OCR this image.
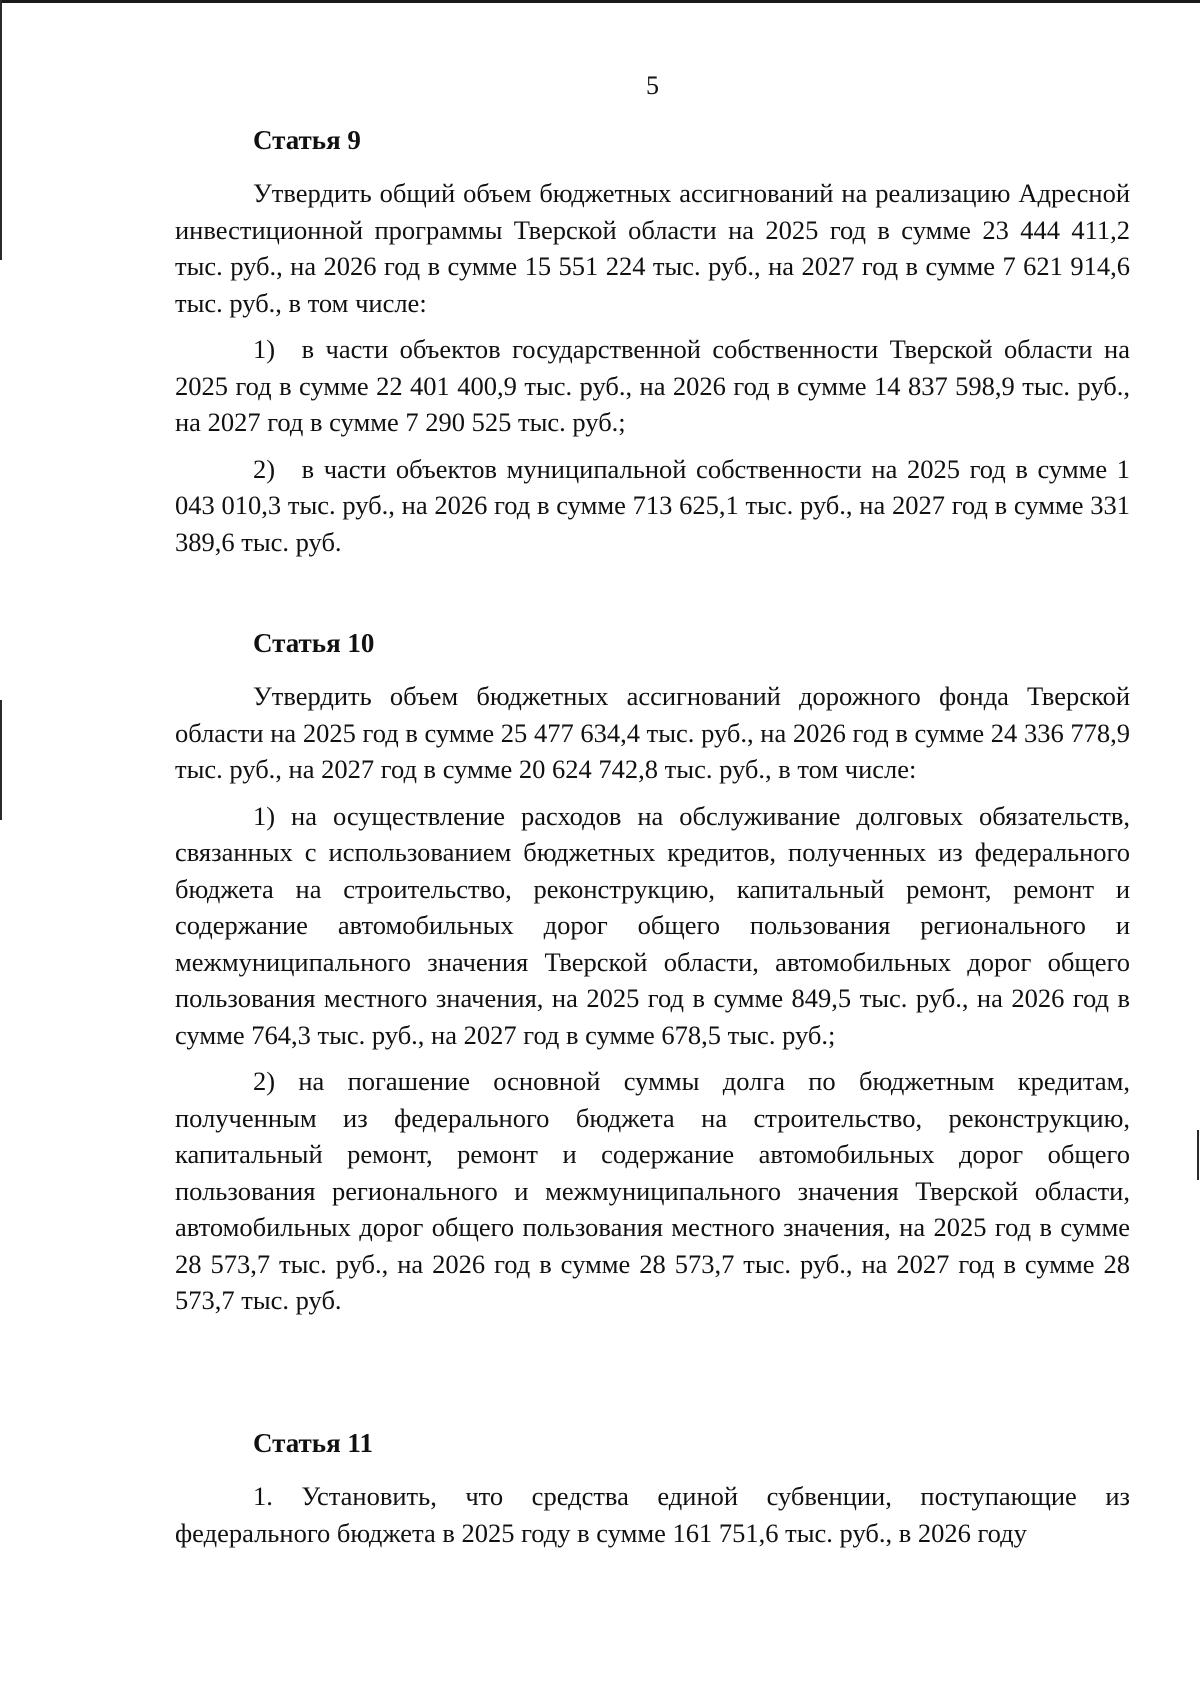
5
Статья 9

Утвердить общий объем бюджетных ассигнований на реализацию Адресной инвестиционной программы Тверской области на 2025 год в сумме 23 444 411,2 тыс. руб., на 2026 год в сумме 15 551 224 тыс. руб., на 2027 год в сумме 7 621 914,6 тыс. руб., в том числе:

1) в части объектов государственной собственности Тверской области на 2025 год в сумме 22 401 400,9 тыс. руб., на 2026 год в сумме 14 837 598,9 тыс. руб., на 2027 год в сумме 7 290 525 тыс. руб.;

2) в части объектов муниципальной собственности на 2025 год в сумме 1 043 010,3 тыс. руб., на 2026 год в сумме 713 625,1 тыс. руб., на 2027 год в сумме 331 389,6 тыс. руб.

Статья 10

Утвердить объем бюджетных ассигнований дорожного фонда Тверской области на 2025 год в сумме 25 477 634,4 тыс. руб., на 2026 год в сумме 24 336 778,9 тыс. руб., на 2027 год в сумме 20 624 742,8 тыс. руб., в том числе:

1) на осуществление расходов на обслуживание долговых обязательств, связанных с использованием бюджетных кредитов, полученных из федерального бюджета на строительство, реконструкцию, капитальный ремонт, ремонт и содержание автомобильных дорог общего пользования регионального и межмуниципального значения Тверской области, автомобильных дорог общего пользования местного значения, на 2025 год в сумме 849,5 тыс. руб., на 2026 год в сумме 764,3 тыс. руб., на 2027 год в сумме 678,5 тыс. руб.;

2) на погашение основной суммы долга по бюджетным кредитам, полученным из федерального бюджета на строительство, реконструкцию, капитальный ремонт, ремонт и содержание автомобильных дорог общего пользования регионального и межмуниципального значения Тверской области, автомобильных дорог общего пользования местного значения, на 2025 год в сумме 28 573,7 тыс. руб., на 2026 год в сумме 28 573,7 тыс. руб., на 2027 год в сумме 28 573,7 тыс. руб.

Статья 11

1. Установить, что средства единой субвенции, поступающие из федерального бюджета в 2025 году в сумме 161 751,6 тыс. руб., в 2026 году
